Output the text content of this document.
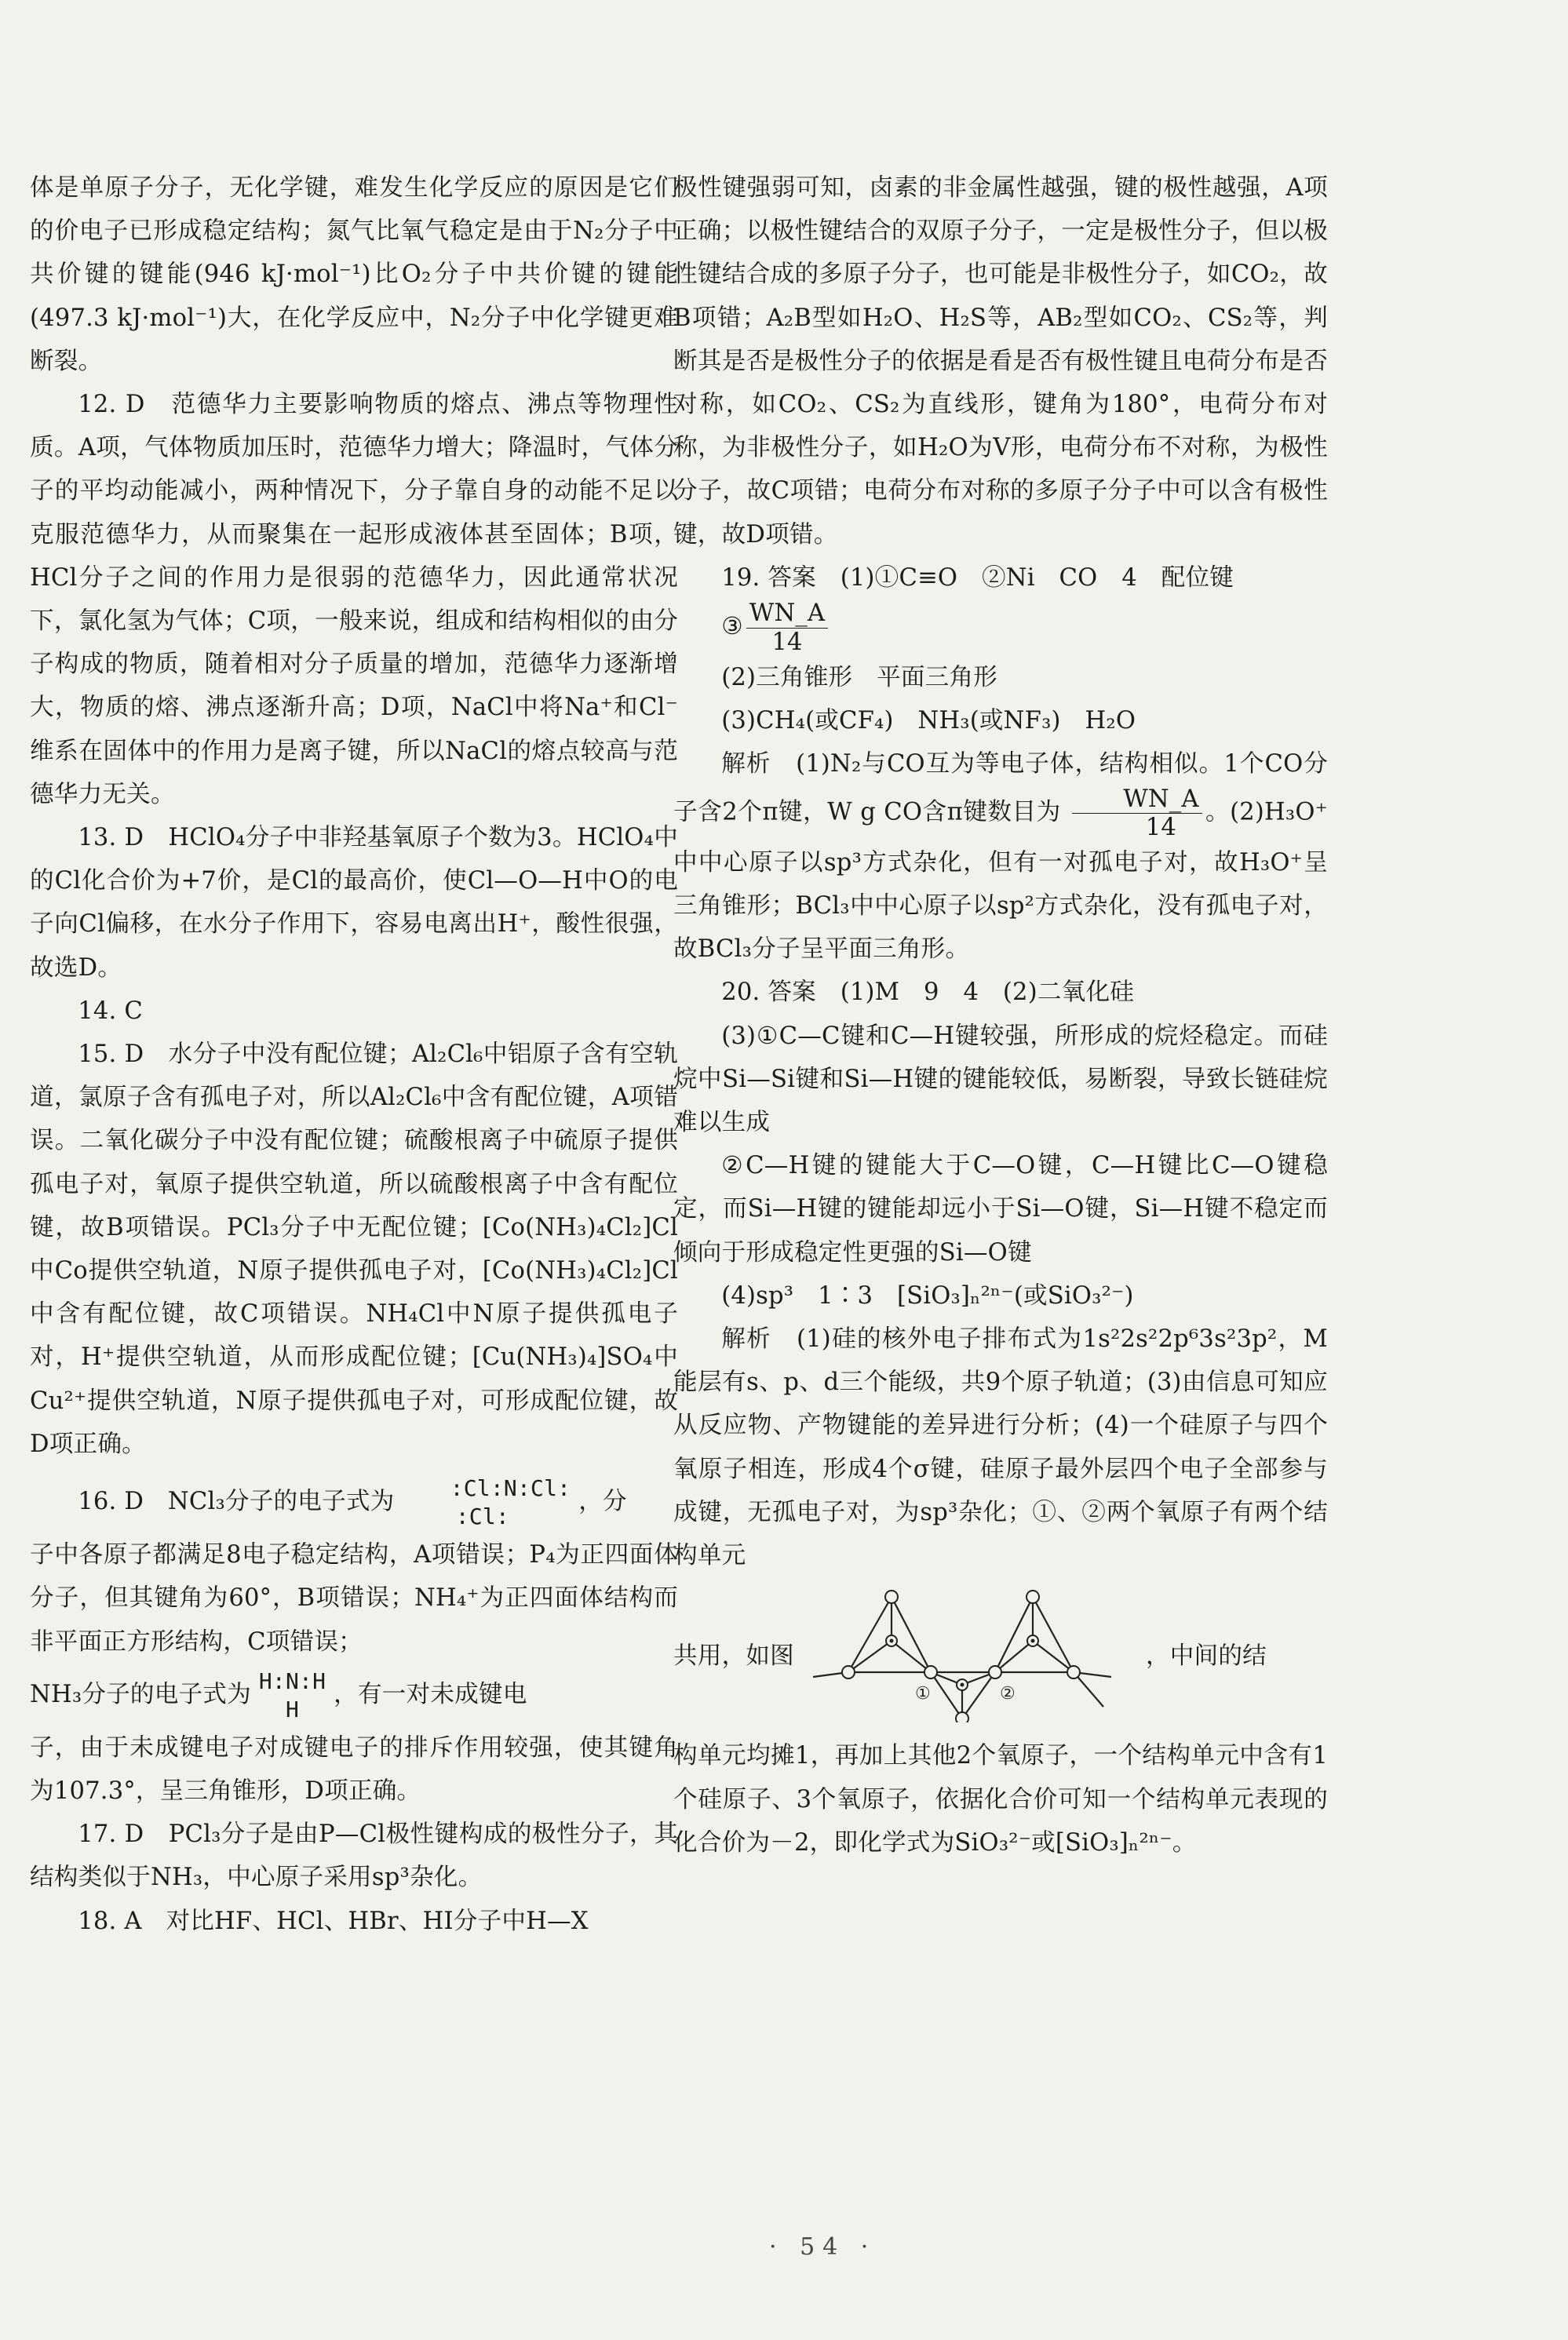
体是单原子分子，无化学键，难发生化学反应的原因是它们的价电子已形成稳定结构；氮气比氧气稳定是由于N₂分子中共价键的键能(946 kJ·mol⁻¹)比O₂分子中共价键的键能(497.3 kJ·mol⁻¹)大，在化学反应中，N₂分子中化学键更难断裂。

12. D　范德华力主要影响物质的熔点、沸点等物理性质。A项，气体物质加压时，范德华力增大；降温时，气体分子的平均动能减小，两种情况下，分子靠自身的动能不足以克服范德华力，从而聚集在一起形成液体甚至固体；B项，HCl分子之间的作用力是很弱的范德华力，因此通常状况下，氯化氢为气体；C项，一般来说，组成和结构相似的由分子构成的物质，随着相对分子质量的增加，范德华力逐渐增大，物质的熔、沸点逐渐升高；D项，NaCl中将Na⁺和Cl⁻维系在固体中的作用力是离子键，所以NaCl的熔点较高与范德华力无关。

13. D　HClO₄分子中非羟基氧原子个数为3。HClO₄中的Cl化合价为+7价，是Cl的最高价，使Cl—O—H中O的电子向Cl偏移，在水分子作用下，容易电离出H⁺，酸性很强，故选D。

14. C

15. D　水分子中没有配位键；Al₂Cl₆中铝原子含有空轨道，氯原子含有孤电子对，所以Al₂Cl₆中含有配位键，A项错误。二氧化碳分子中没有配位键；硫酸根离子中硫原子提供孤电子对，氧原子提供空轨道，所以硫酸根离子中含有配位键，故B项错误。PCl₃分子中无配位键；[Co(NH₃)₄Cl₂]Cl中Co提供空轨道，N原子提供孤电子对，[Co(NH₃)₄Cl₂]Cl中含有配位键，故C项错误。NH₄Cl中N原子提供孤电子对，H⁺提供空轨道，从而形成配位键；[Cu(NH₃)₄]SO₄中Cu²⁺提供空轨道，N原子提供孤电子对，可形成配位键，故D项正确。

16. D　NCl₃分子的电子式为	:Cl:N:Cl:
:Cl:，分

子中各原子都满足8电子稳定结构，A项错误；P₄为正四面体分子，但其键角为60°，B项错误；NH₄⁺为正四面体结构而非平面正方形结构，C项错误；

NH₃分子的电子式为 H:N:H
H，有一对未成键电

子，由于未成键电子对成键电子的排斥作用较强，使其键角为107.3°，呈三角锥形，D项正确。

17. D　PCl₃分子是由P—Cl极性键构成的极性分子，其结构类似于NH₃，中心原子采用sp³杂化。

18. A　对比HF、HCl、HBr、HI分子中H—X

极性键强弱可知，卤素的非金属性越强，键的极性越强，A项正确；以极性键结合的双原子分子，一定是极性分子，但以极性键结合成的多原子分子，也可能是非极性分子，如CO₂，故B项错；A₂B型如H₂O、H₂S等，AB₂型如CO₂、CS₂等，判断其是否是极性分子的依据是看是否有极性键且电荷分布是否对称，如CO₂、CS₂为直线形，键角为180°，电荷分布对称，为非极性分子，如H₂O为V形，电荷分布不对称，为极性分子，故C项错；电荷分布对称的多原子分子中可以含有极性键，故D项错。

19. 答案　(1)①C≡O　②Ni　CO　4　配位键

③ $\frac{WN\_A}{14}$

(2)三角锥形　平面三角形

(3)CH₄(或CF₄)　NH₃(或NF₃)　H₂O

解析　(1)N₂与CO互为等电子体，结构相似。1个CO分子含2个π键，W g CO含π键数目为 $\frac{WN\_A}{14}$ 。(2)H₃O⁺中中心原子以sp³方式杂化，但有一对孤电子对，故H₃O⁺呈三角锥形；BCl₃中中心原子以sp²方式杂化，没有孤电子对，故BCl₃分子呈平面三角形。

20. 答案　(1)M　9　4　(2)二氧化硅

(3)①C—C键和C—H键较强，所形成的烷烃稳定。而硅烷中Si—Si键和Si—H键的键能较低，易断裂，导致长链硅烷难以生成

②C—H键的键能大于C—O键，C—H键比C—O键稳定，而Si—H键的键能却远小于Si—O键，Si—H键不稳定而倾向于形成稳定性更强的Si—O键

(4)sp³　1∶3　[SiO₃]ₙ²ⁿ⁻(或SiO₃²⁻)

解析　(1)硅的核外电子排布式为1s²2s²2p⁶3s²3p²，M能层有s、p、d三个能级，共9个原子轨道；(3)由信息可知应从反应物、产物键能的差异进行分析；(4)一个硅原子与四个氧原子相连，形成4个σ键，硅原子最外层四个电子全部参与成键，无孤电子对，为sp³杂化；①、②两个氧原子有两个结构单元

共用，如图
①	②
，中间的结

构单元均摊1，再加上其他2个氧原子，一个结构单元中含有1个硅原子、3个氧原子，依据化合价可知一个结构单元表现的化合价为－2，即化学式为SiO₃²⁻或[SiO₃]ₙ²ⁿ⁻。

· 54 ·
